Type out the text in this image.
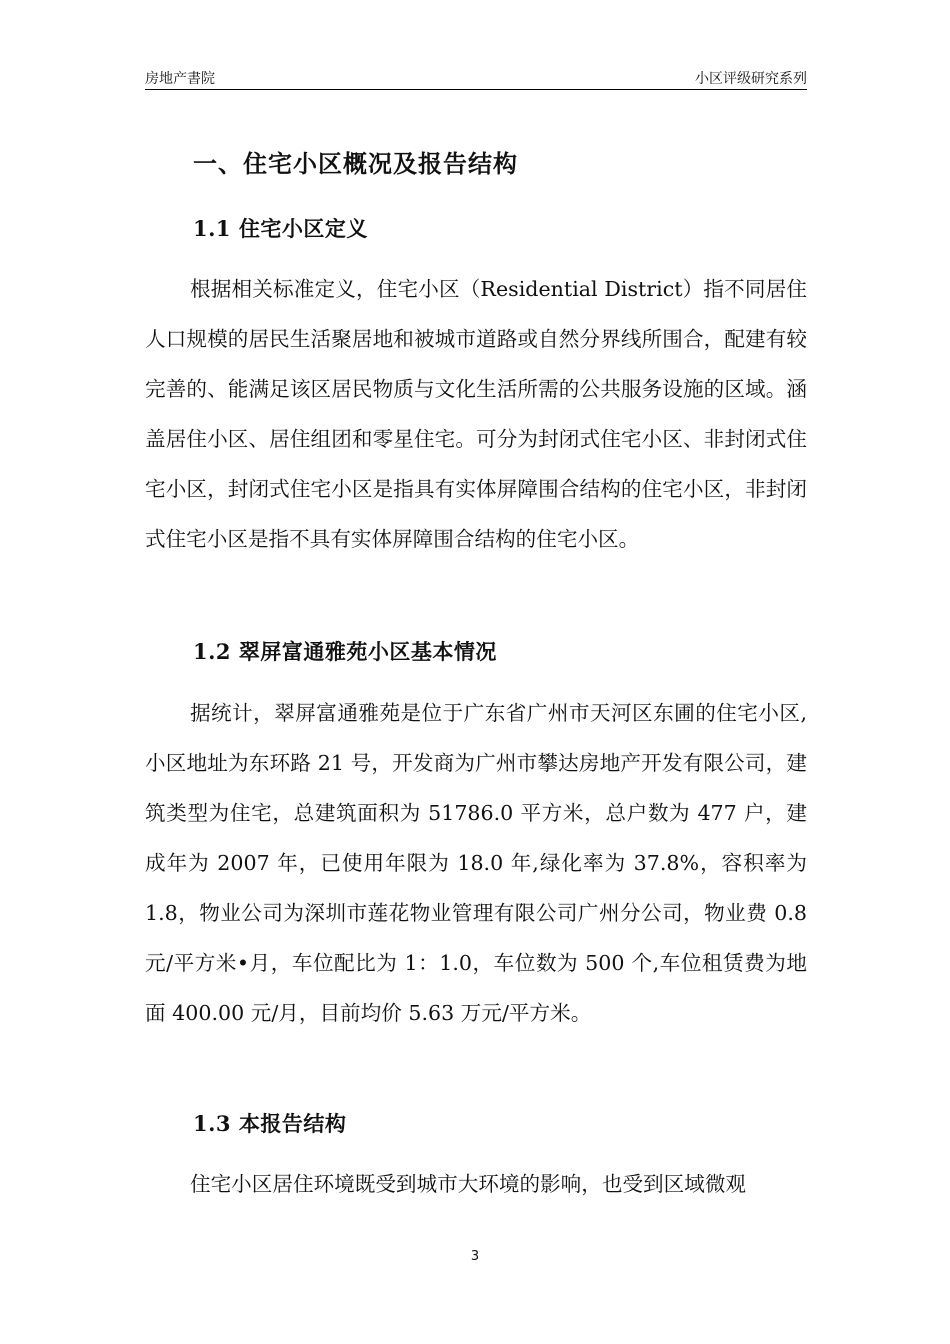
房地产書院	小区评级研究系列
一、住宅小区概况及报告结构
1.1 住宅小区定义

根据相关标准定义，住宅小区（Residential District）指不同居住人口规模的居民生活聚居地和被城市道路或自然分界线所围合，配建有较完善的、能满足该区居民物质与文化生活所需的公共服务设施的区域。涵盖居住小区、居住组团和零星住宅。可分为封闭式住宅小区、非封闭式住宅小区，封闭式住宅小区是指具有实体屏障围合结构的住宅小区，非封闭式住宅小区是指不具有实体屏障围合结构的住宅小区。

1.2 翠屏富通雅苑小区基本情况

据统计，翠屏富通雅苑是位于广东省广州市天河区东圃的住宅小区,小区地址为东环路 21 号，开发商为广州市攀达房地产开发有限公司，建筑类型为住宅，总建筑面积为 51786.0 平方米，总户数为 477 户，建成年为 2007 年，已使用年限为 18.0 年,绿化率为 37.8%，容积率为 1.8，物业公司为深圳市莲花物业管理有限公司广州分公司，物业费 0.8 元/平方米•月，车位配比为 1：1.0，车位数为 500 个,车位租赁费为地面 400.00 元/月，目前均价 5.63 万元/平方米。

1.3 本报告结构

住宅小区居住环境既受到城市大环境的影响，也受到区域微观

3
